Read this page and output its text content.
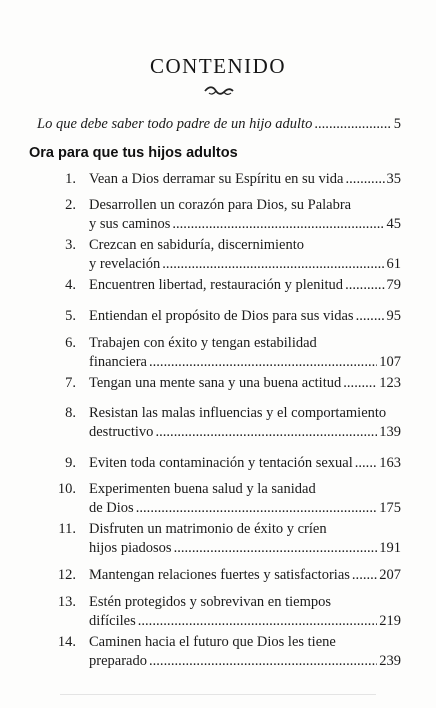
CONTENIDO
Lo que debe saber todo padre de un hijo adulto . . .	5
Ora para que tus hijos adultos
1. Vean a Dios derramar su Espíritu en su vida . . .	35
2. Desarrollen un corazón para Dios, su Palabra
y sus caminos . . .	45
3. Crezcan en sabiduría, discernimiento
y revelación . . .	61
4. Encuentren libertad, restauración y plenitud . . .	79
5. Entiendan el propósito de Dios para sus vidas . . . 95
6. Trabajen con éxito y tengan estabilidad
financiera . . .	107
7. Tengan una mente sana y una buena actitud . . .	123
8. Resistan las malas influencias y el comportamiento
destructivo . . .	139
9. Eviten toda contaminación y tentación sexual . . . 163
10. Experimenten buena salud y la sanidad
de Dios . . .	175
11. Disfruten un matrimonio de éxito y críen
hijos piadosos . . .	191
12. Mantengan relaciones fuertes y satisfactorias . . . 207
13. Estén protegidos y sobrevivan en tiempos
difíciles . . .	219
14. Caminen hacia el futuro que Dios les tiene
preparado . . .	239
